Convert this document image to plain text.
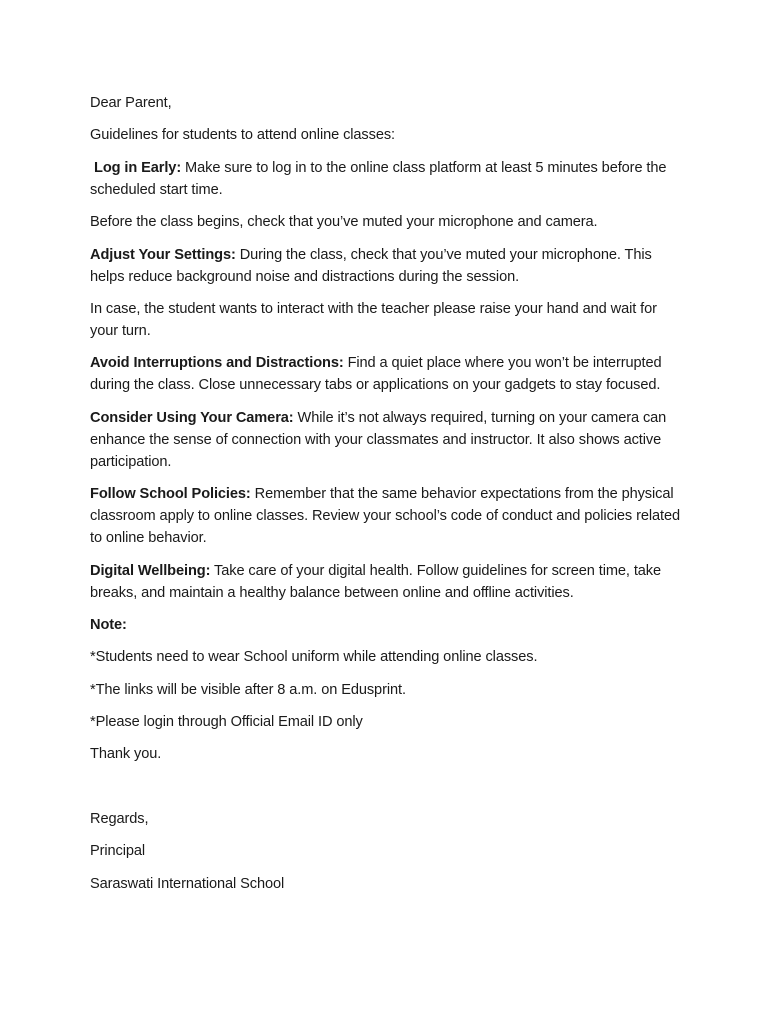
Dear Parent,

Guidelines for students to attend online classes:

Log in Early: Make sure to log in to the online class platform at least 5 minutes before the scheduled start time.

Before the class begins, check that you’ve muted your microphone and camera.

Adjust Your Settings: During the class, check that you’ve muted your microphone. This helps reduce background noise and distractions during the session.

In case, the student wants to interact with the teacher please raise your hand and wait for your turn.

Avoid Interruptions and Distractions: Find a quiet place where you won’t be interrupted during the class. Close unnecessary tabs or applications on your gadgets to stay focused.

Consider Using Your Camera: While it’s not always required, turning on your camera can enhance the sense of connection with your classmates and instructor. It also shows active participation.

Follow School Policies: Remember that the same behavior expectations from the physical classroom apply to online classes. Review your school’s code of conduct and policies related to online behavior.

Digital Wellbeing: Take care of your digital health. Follow guidelines for screen time, take breaks, and maintain a healthy balance between online and offline activities.

Note:

*Students need to wear School uniform while attending online classes.

*The links will be visible after 8 a.m. on Edusprint.

*Please login through Official Email ID only

Thank you.

Regards,

Principal

Saraswati International School
